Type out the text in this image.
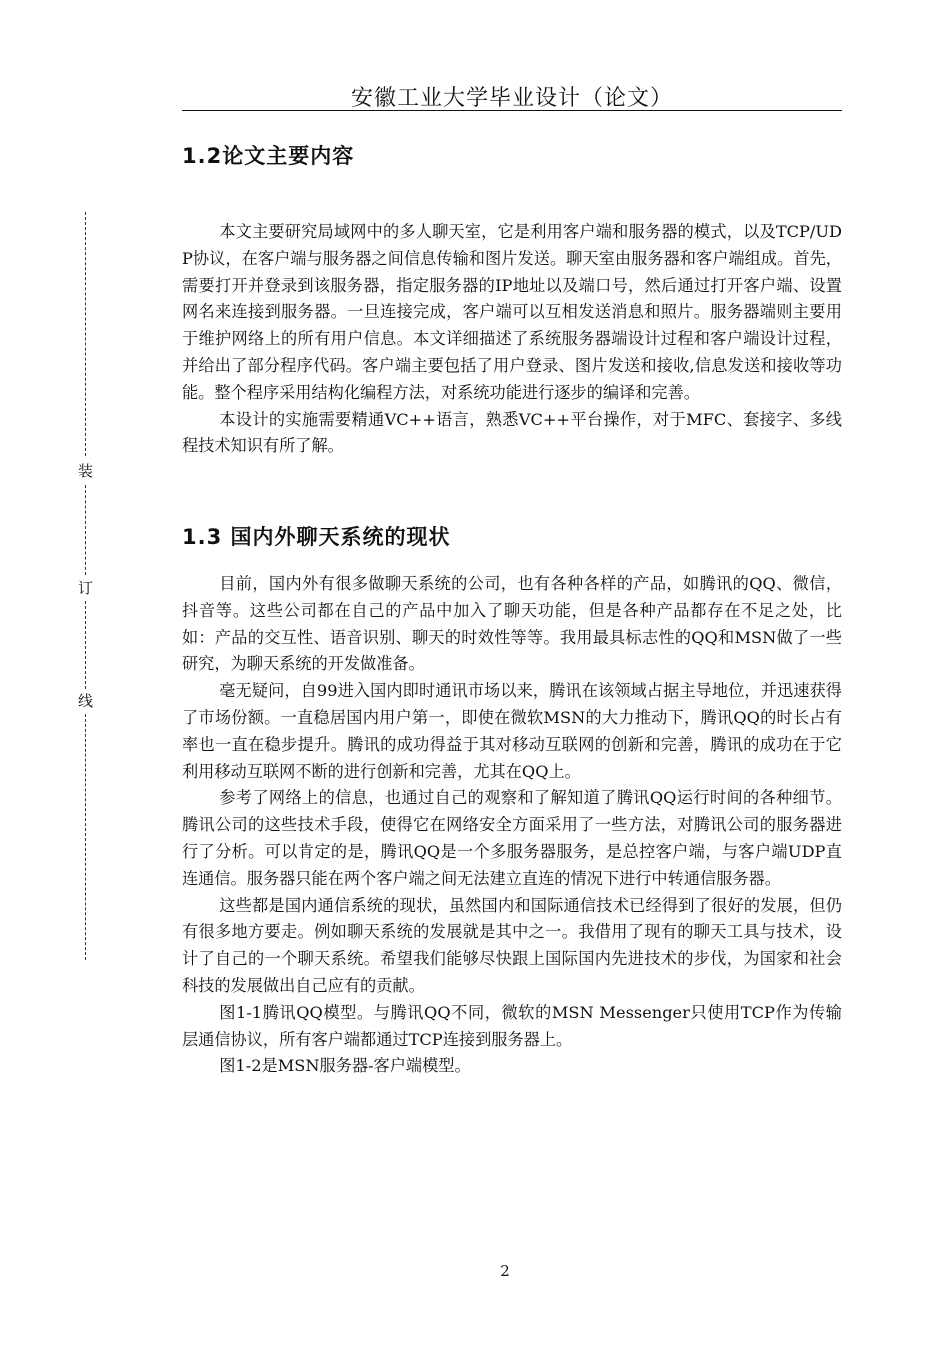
安徽工业大学毕业设计（论文）
装
订
线
1.2论文主要内容

本文主要研究局域网中的多人聊天室，它是利用客户端和服务器的模式，以及TCP/UDP协议，在客户端与服务器之间信息传输和图片发送。聊天室由服务器和客户端组成。首先，需要打开并登录到该服务器，指定服务器的IP地址以及端口号，然后通过打开客户端、设置网名来连接到服务器。一旦连接完成，客户端可以互相发送消息和照片。服务器端则主要用于维护网络上的所有用户信息。本文详细描述了系统服务器端设计过程和客户端设计过程，并给出了部分程序代码。客户端主要包括了用户登录、图片发送和接收,信息发送和接收等功能。整个程序采用结构化编程方法，对系统功能进行逐步的编译和完善。

本设计的实施需要精通VC++语言，熟悉VC++平台操作，对于MFC、套接字、多线程技术知识有所了解。

1.3 国内外聊天系统的现状

目前，国内外有很多做聊天系统的公司，也有各种各样的产品，如腾讯的QQ、微信，抖音等。这些公司都在自己的产品中加入了聊天功能，但是各种产品都存在不足之处，比如：产品的交互性、语音识别、聊天的时效性等等。我用最具标志性的QQ和MSN做了一些研究，为聊天系统的开发做准备。

毫无疑问，自99进入国内即时通讯市场以来，腾讯在该领域占据主导地位，并迅速获得了市场份额。一直稳居国内用户第一，即使在微软MSN的大力推动下，腾讯QQ的时长占有率也一直在稳步提升。腾讯的成功得益于其对移动互联网的创新和完善，腾讯的成功在于它利用移动互联网不断的进行创新和完善，尤其在QQ上。

参考了网络上的信息，也通过自己的观察和了解知道了腾讯QQ运行时间的各种细节。腾讯公司的这些技术手段，使得它在网络安全方面采用了一些方法，对腾讯公司的服务器进行了分析。可以肯定的是，腾讯QQ是一个多服务器服务，是总控客户端，与客户端UDP直连通信。服务器只能在两个客户端之间无法建立直连的情况下进行中转通信服务器。

这些都是国内通信系统的现状，虽然国内和国际通信技术已经得到了很好的发展，但仍有很多地方要走。例如聊天系统的发展就是其中之一。我借用了现有的聊天工具与技术，设计了自己的一个聊天系统。希望我们能够尽快跟上国际国内先进技术的步伐，为国家和社会科技的发展做出自己应有的贡献。

图1-1腾讯QQ模型。与腾讯QQ不同，微软的MSN Messenger只使用TCP作为传输层通信协议，所有客户端都通过TCP连接到服务器上。

图1-2是MSN服务器-客户端模型。

2
